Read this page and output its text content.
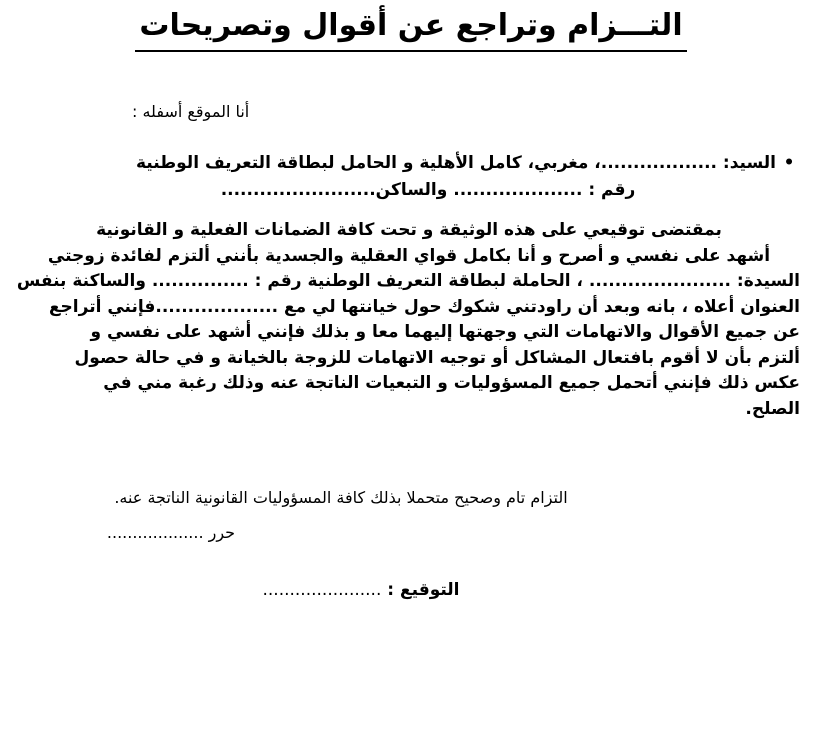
التـــزام وتراجع عن أقوال وتصريحات
أنا الموقع أسفله :
•
السيد: ..................، مغربي، كامل الأهلية و الحامل لبطاقة التعريف الوطنية
رقم : .................... والساكن........................
بمقتضى توقيعي على هذه الوثيقة و تحت كافة الضمانات الفعلية و القانونية
أشهد على نفسي و أصرح و أنا بكامل قواي العقلية والجسدية بأنني ألتزم لفائدة زوجتي
السيدة: ...................... ، الحاملة لبطاقة التعريف الوطنية رقم : ............... والساكنة بنفس
العنوان أعلاه ، بانه وبعد أن راودتني شكوك حول خيانتها لي مع ...................فإنني أتراجع
عن جميع الأقوال والاتهامات التي وجهتها إليهما معا و بذلك فإنني أشهد على نفسي و
ألتزم بأن لا أقوم بافتعال المشاكل أو توجيه الاتهامات للزوجة بالخيانة و في حالة حصول
عكس ذلك فإنني أتحمل جميع المسؤوليات و التبعيات الناتجة عنه وذلك رغبة مني في
الصلح.
التزام تام وصحيح متحملا بذلك كافة المسؤوليات القانونية الناتجة عنه.
حرر ...................
التوقيع : ......................
